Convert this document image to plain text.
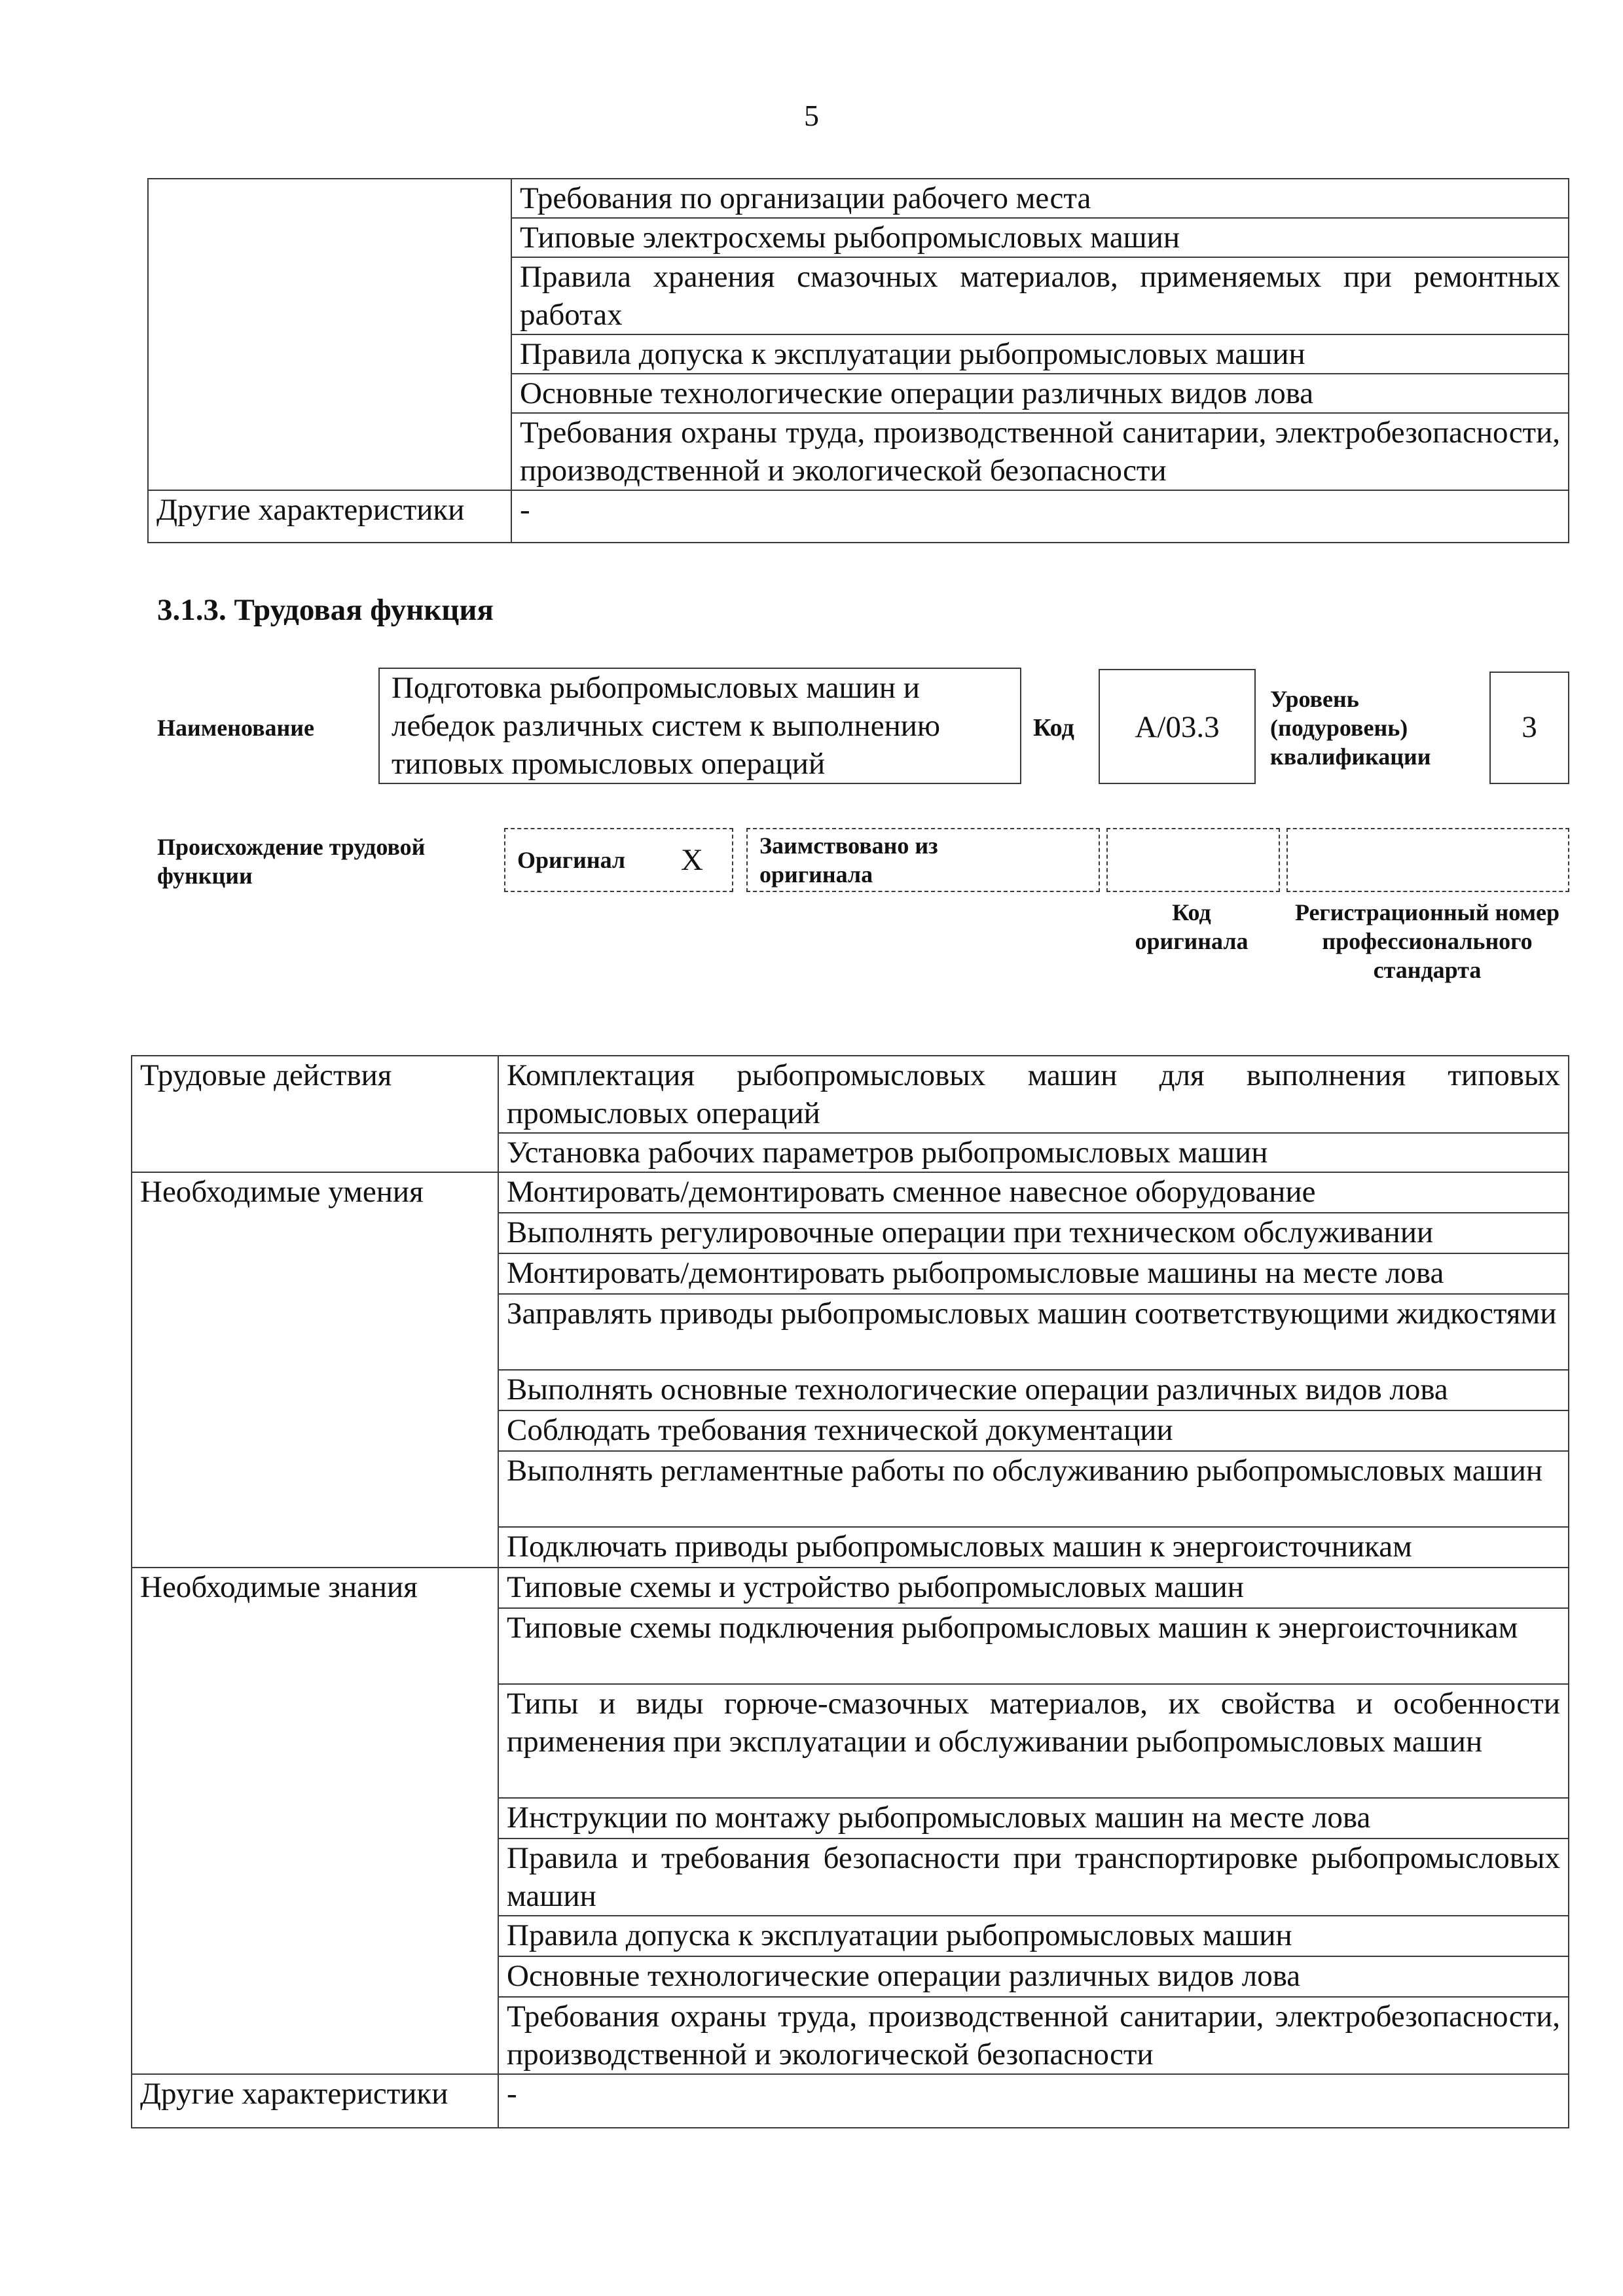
5
	Требования по организации рабочего места
	Типовые электросхемы рыбопромысловых машин
	Правила хранения смазочных материалов, применяемых при ремонтных работах
	Правила допуска к эксплуатации рыбопромысловых машин
	Основные технологические операции различных видов лова
	Требования охраны труда, производственной санитарии, электробезопасности, производственной и экологической безопасности
Другие характеристики	-
3.1.3. Трудовая функция
Наименование
Подготовка рыбопромысловых машин и лебедок различных систем к выполнению типовых промысловых операций
Код	A/03.3
Уровень (подуровень) квалификации
3
Происхождение трудовой функции
Оригинал X Заимствовано из оригинала
Код оригинала
Регистрационный номер профессионального стандарта
Трудовые действия	Комплектация рыбопромысловых машин для выполнения типовых промысловых операций
	Установка рабочих параметров рыбопромысловых машин
Необходимые умения	Монтировать/демонтировать сменное навесное оборудование
	Выполнять регулировочные операции при техническом обслуживании
	Монтировать/демонтировать рыбопромысловые машины на месте лова
	Заправлять приводы рыбопромысловых машин соответствующими жидкостями
	Выполнять основные технологические операции различных видов лова
	Соблюдать требования технической документации
	Выполнять регламентные работы по обслуживанию рыбопромысловых машин
	Подключать приводы рыбопромысловых машин к энергоисточникам
Необходимые знания	Типовые схемы и устройство рыбопромысловых машин
	Типовые схемы подключения рыбопромысловых машин к энергоисточникам
	Типы и виды горюче-смазочных материалов, их свойства и особенности применения при эксплуатации и обслуживании рыбопромысловых машин
	Инструкции по монтажу рыбопромысловых машин на месте лова
	Правила и требования безопасности при транспортировке рыбопромысловых машин
	Правила допуска к эксплуатации рыбопромысловых машин
	Основные технологические операции различных видов лова
	Требования охраны труда, производственной санитарии, электробезопасности, производственной и экологической безопасности
Другие характеристики	-
